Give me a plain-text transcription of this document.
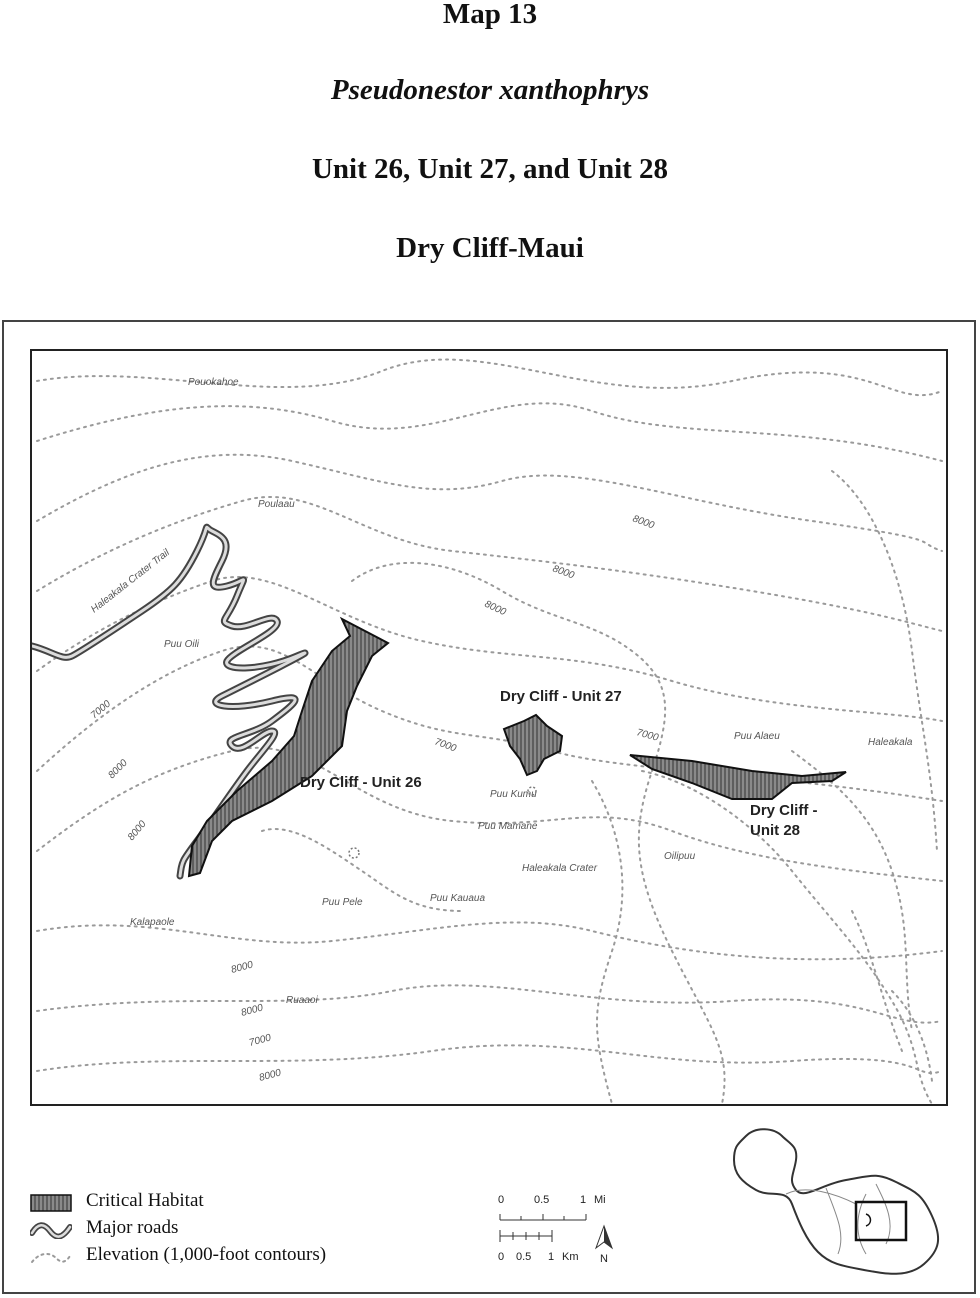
Map 13
Pseudonestor xanthophrys
Unit 26, Unit 27, and Unit 28
Dry Cliff-Maui
8000
8000
8000
7000
7000
8000
8000
7000
8000
8000
7000
8000
Dry Cliff - Unit 26
Dry Cliff - Unit 27
Dry Cliff -
Unit 28
Pouokahoe
Poulaau
Haleakala Crater Trail
Puu Oili
Puu Alaeu
Haleakala
Puu Kumu
Puu Mamane
Haleakala Crater
Oilipuu
Puu Pele	Puu Kauaua
Kalapaole
Ruaaoi
Critical Habitat
Major roads
Elevation (1,000-foot contours)
0	0.5	1 Mi
0 0.5 1 Km N
